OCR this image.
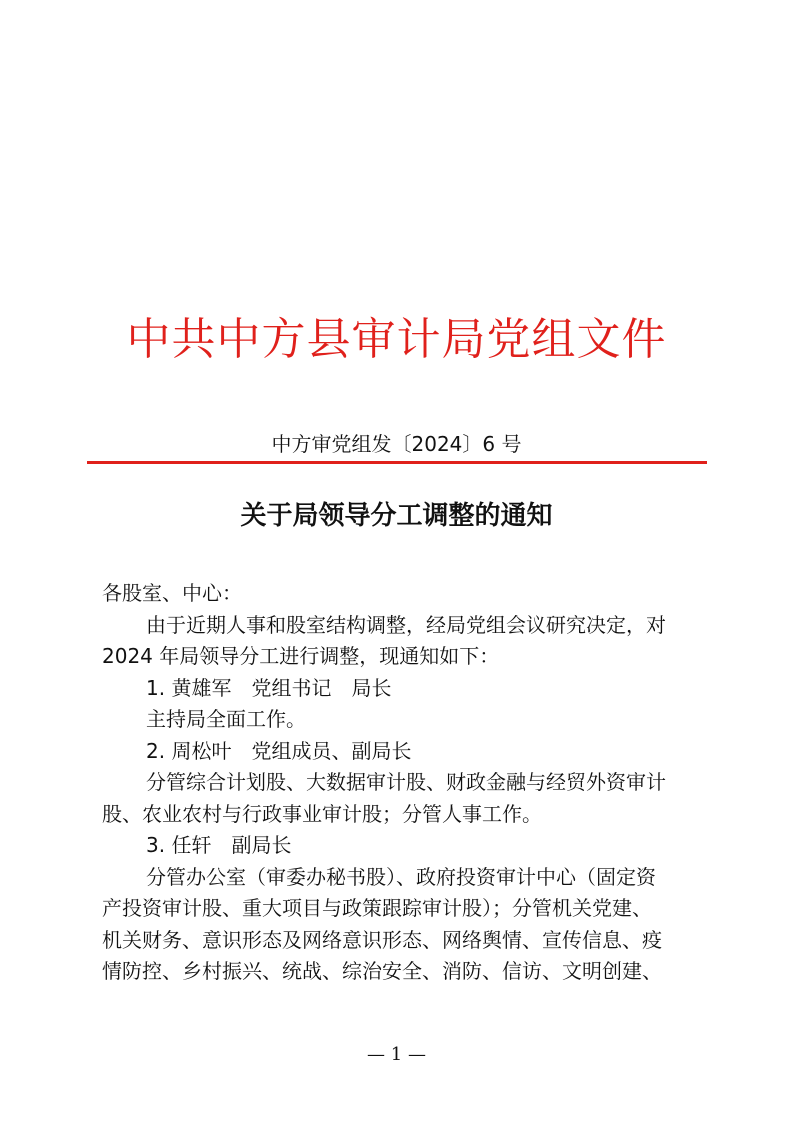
中共中方县审计局党组文件
中方审党组发〔2024〕6 号
关于局领导分工调整的通知

各股室、中心：

由于近期人事和股室结构调整，经局党组会议研究决定，对

2024 年局领导分工进行调整，现通知如下：

1. 黄雄军　党组书记　局长

主持局全面工作。

2. 周松叶　党组成员、副局长

分管综合计划股、大数据审计股、财政金融与经贸外资审计

股、农业农村与行政事业审计股；分管人事工作。

3. 任轩　副局长

分管办公室（审委办秘书股）、政府投资审计中心（固定资

产投资审计股、重大项目与政策跟踪审计股）；分管机关党建、

机关财务、意识形态及网络意识形态、网络舆情、宣传信息、疫

情防控、乡村振兴、统战、综治安全、消防、信访、文明创建、

— 1 —
